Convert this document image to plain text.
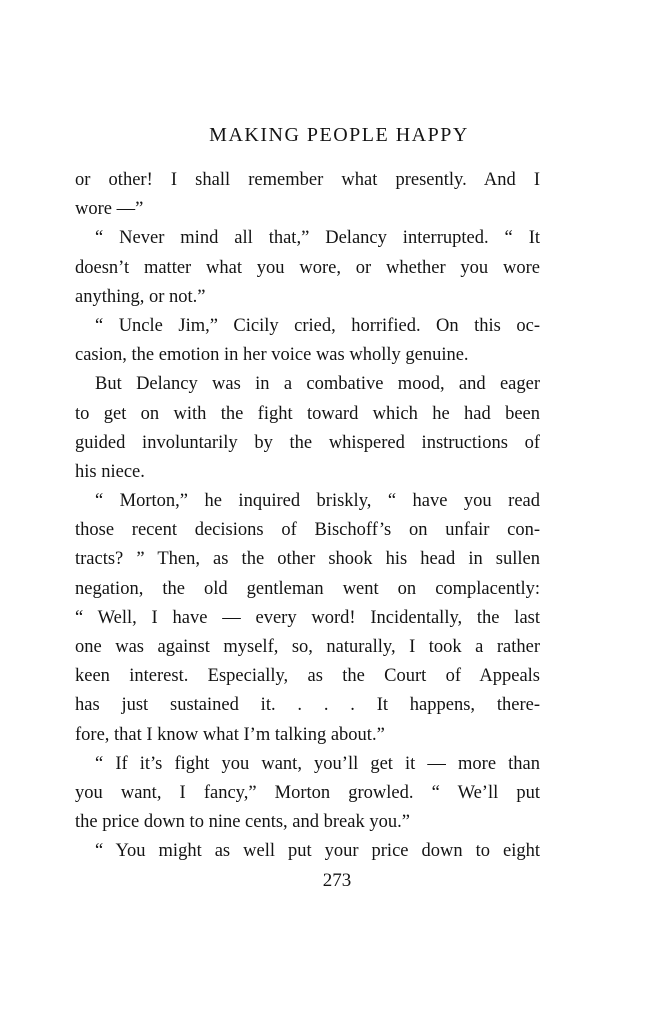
MAKING PEOPLE HAPPY
or other! I shall remember what presently. And I
wore —”
“ Never mind all that,” Delancy interrupted. “ It
doesn’t matter what you wore, or whether you wore
anything, or not.”
“ Uncle Jim,” Cicily cried, horrified. On this oc-
casion, the emotion in her voice was wholly genuine.
But Delancy was in a combative mood, and eager
to get on with the fight toward which he had been
guided involuntarily by the whispered instructions of
his niece.
“ Morton,” he inquired briskly, “ have you read
those recent decisions of Bischoff’s on unfair con-
tracts? ” Then, as the other shook his head in sullen
negation, the old gentleman went on complacently:
“ Well, I have — every word! Incidentally, the last
one was against myself, so, naturally, I took a rather
keen interest. Especially, as the Court of Appeals
has just sustained it. . . . It happens, there-
fore, that I know what I’m talking about.”
“ If it’s fight you want, you’ll get it — more than
you want, I fancy,” Morton growled. “ We’ll put
the price down to nine cents, and break you.”
“ You might as well put your price down to eight
273
